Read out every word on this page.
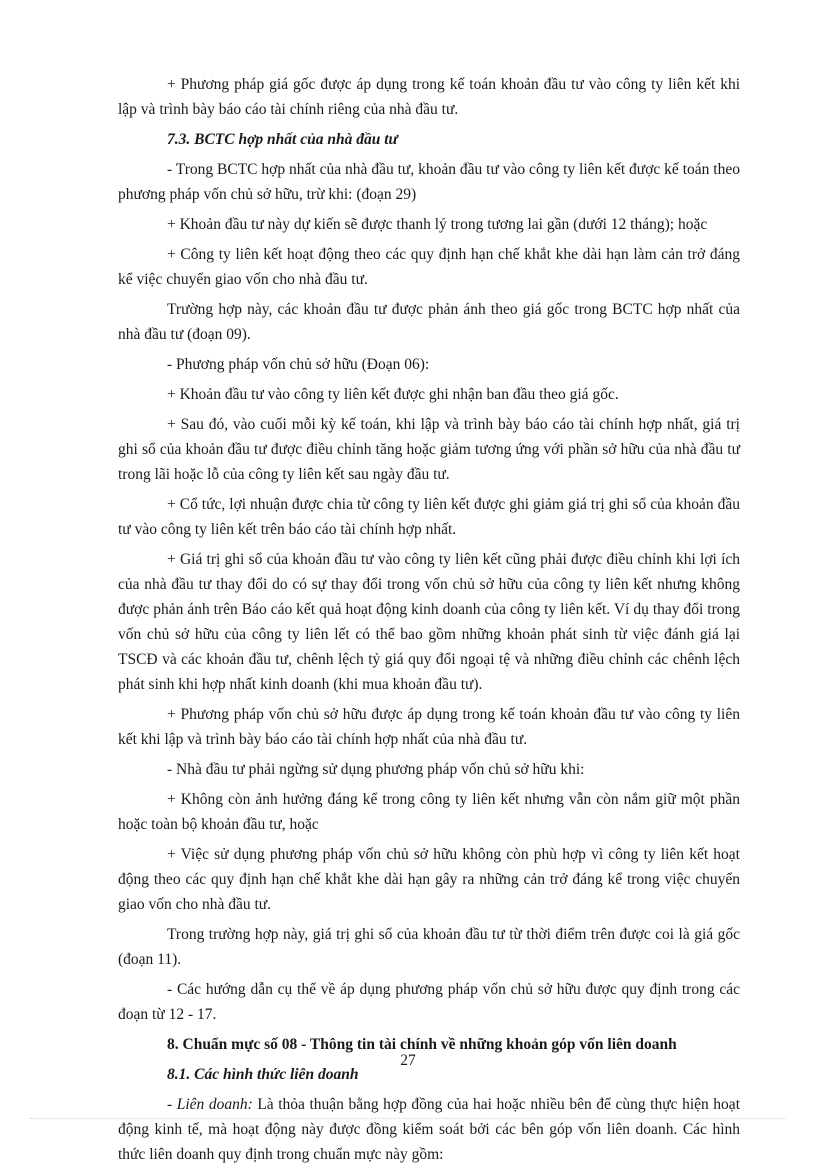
+ Phương pháp giá gốc được áp dụng trong kế toán khoản đầu tư vào công ty liên kết khi lập và trình bày báo cáo tài chính riêng của nhà đầu tư.

7.3. BCTC hợp nhất của nhà đầu tư

- Trong BCTC hợp nhất của nhà đầu tư, khoản đầu tư vào công ty liên kết được kế toán theo phương pháp vốn chủ sở hữu, trừ khi: (đoạn 29)

+ Khoản đầu tư này dự kiến sẽ được thanh lý trong tương lai gần (dưới 12 tháng); hoặc

+ Công ty liên kết hoạt động theo các quy định hạn chế khắt khe dài hạn làm cản trở đáng kể việc chuyển giao vốn cho nhà đầu tư.

Trường hợp này, các khoản đầu tư được phản ánh theo giá gốc trong BCTC hợp nhất của nhà đầu tư (đoạn 09).

- Phương pháp vốn chủ sở hữu (Đoạn 06):

+ Khoản đầu tư vào công ty liên kết được ghi nhận ban đầu theo giá gốc.

+ Sau đó, vào cuối mỗi kỳ kế toán, khi lập và trình bày báo cáo tài chính hợp nhất, giá trị ghi sổ của khoản đầu tư được điều chỉnh tăng hoặc giảm tương ứng với phần sở hữu của nhà đầu tư trong lãi hoặc lỗ của công ty liên kết sau ngày đầu tư.

+ Cổ tức, lợi nhuận được chia từ công ty liên kết được ghi giảm giá trị ghi sổ của khoản đầu tư vào công ty liên kết trên báo cáo tài chính hợp nhất.

+ Giá trị ghi sổ của khoản đầu tư vào công ty liên kết cũng phải được điều chỉnh khi lợi ích của nhà đầu tư thay đổi do có sự thay đổi trong vốn chủ sở hữu của công ty liên kết nhưng không được phản ánh trên Báo cáo kết quả hoạt động kinh doanh của công ty liên kết. Ví dụ thay đổi trong vốn chủ sở hữu của công ty liên lết có thể bao gồm những khoản phát sinh từ việc đánh giá lại TSCĐ và các khoản đầu tư, chênh lệch tỷ giá quy đổi ngoại tệ và những điều chỉnh các chênh lệch phát sinh khi hợp nhất kinh doanh (khi mua khoản đầu tư).

+ Phương pháp vốn chủ sở hữu được áp dụng trong kế toán khoản đầu tư vào công ty liên kết khi lập và trình bày báo cáo tài chính hợp nhất của nhà đầu tư.

- Nhà đầu tư phải ngừng sử dụng phương pháp vốn chủ sở hữu khi:

+ Không còn ảnh hưởng đáng kể trong công ty liên kết nhưng vẫn còn nắm giữ một phần hoặc toàn bộ khoản đầu tư, hoặc

+ Việc sử dụng phương pháp vốn chủ sở hữu không còn phù hợp vì công ty liên kết hoạt động theo các quy định hạn chế khắt khe dài hạn gây ra những cản trở đáng kể trong việc chuyển giao vốn cho nhà đầu tư.

Trong trường hợp này, giá trị ghi sổ của khoản đầu tư từ thời điểm trên được coi là giá gốc (đoạn 11).

- Các hướng dẫn cụ thể về áp dụng phương pháp vốn chủ sở hữu được quy định trong các đoạn từ 12 - 17.

8. Chuẩn mực số 08 - Thông tin tài chính về những khoản góp vốn liên doanh
8.1. Các hình thức liên doanh

- Liên doanh: Là thỏa thuận bằng hợp đồng của hai hoặc nhiều bên để cùng thực hiện hoạt động kinh tế, mà hoạt động này được đồng kiểm soát bởi các bên góp vốn liên doanh. Các hình thức liên doanh quy định trong chuẩn mực này gồm:

27
